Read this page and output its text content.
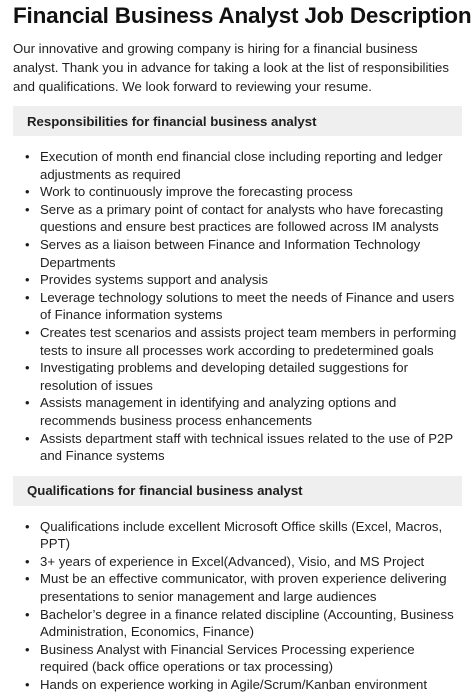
Financial Business Analyst Job Description

Our innovative and growing company is hiring for a financial business analyst. Thank you in advance for taking a look at the list of responsibilities and qualifications. We look forward to reviewing your resume.

Responsibilities for financial business analyst
• Execution of month end financial close including reporting and ledger adjustments as required
• Work to continuously improve the forecasting process
• Serve as a primary point of contact for analysts who have forecasting questions and ensure best practices are followed across IM analysts
• Serves as a liaison between Finance and Information Technology Departments
• Provides systems support and analysis
• Leverage technology solutions to meet the needs of Finance and users of Finance information systems
• Creates test scenarios and assists project team members in performing tests to insure all processes work according to predetermined goals
• Investigating problems and developing detailed suggestions for resolution of issues
• Assists management in identifying and analyzing options and recommends business process enhancements
• Assists department staff with technical issues related to the use of P2P and Finance systems
Qualifications for financial business analyst
• Qualifications include excellent Microsoft Office skills (Excel, Macros, PPT)
• 3+ years of experience in Excel(Advanced), Visio, and MS Project
• Must be an effective communicator, with proven experience delivering presentations to senior management and large audiences
• Bachelor’s degree in a finance related discipline (Accounting, Business Administration, Economics, Finance)
• Business Analyst with Financial Services Processing experience required (back office operations or tax processing)
• Hands on experience working in Agile/Scrum/Kanban environment
